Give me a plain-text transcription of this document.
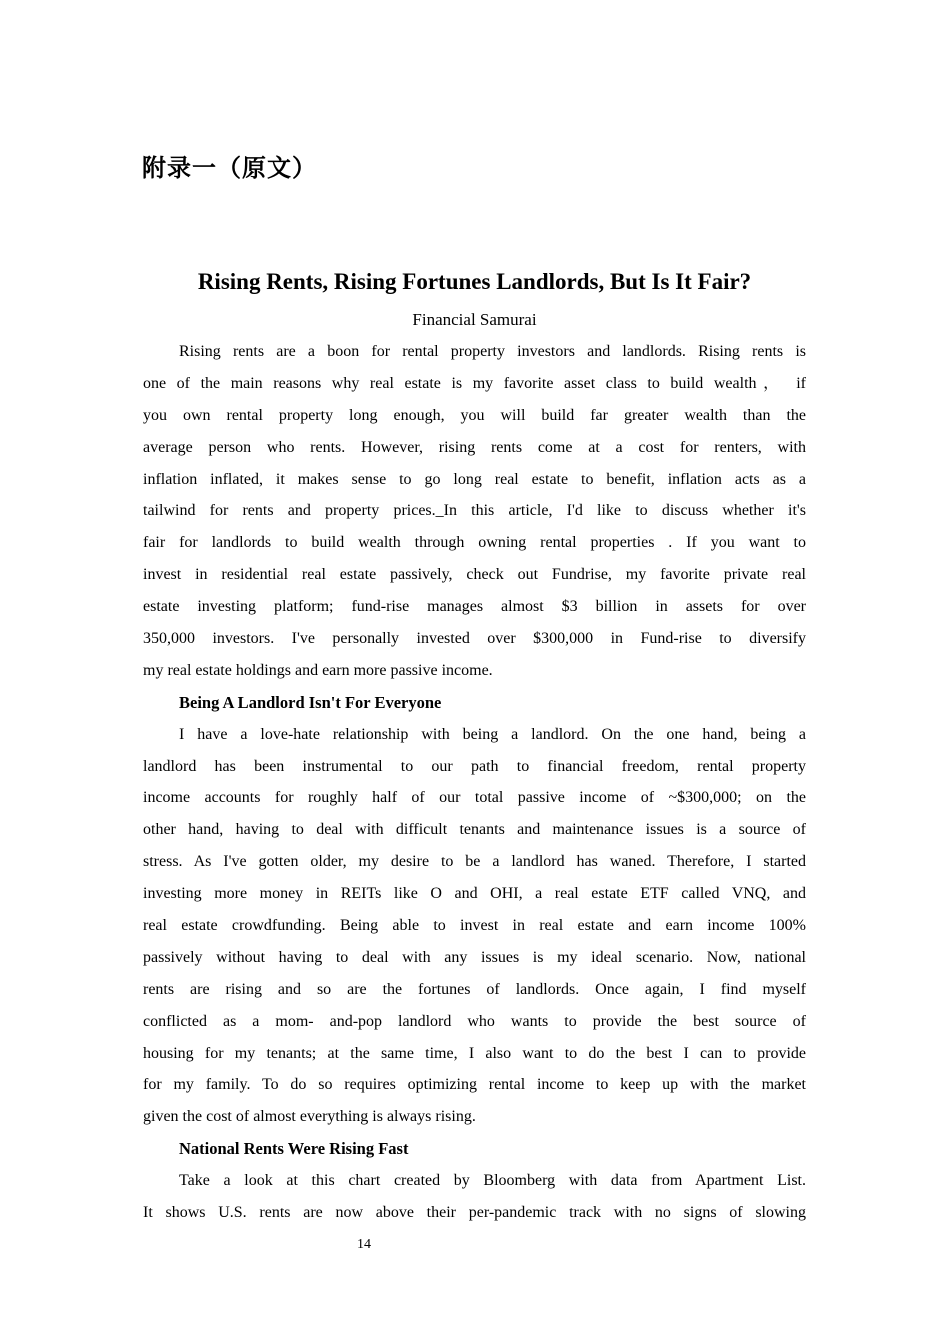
附录一（原文）
Rising Rents, Rising Fortunes Landlords, But Is It Fair?
Financial Samurai
Rising rents are a boon for rental property investors and landlords. Rising rents is
one of the main reasons why real estate is my favorite asset class to build wealth， if
you own rental property long enough, you will build far greater wealth than the
average person who rents. However, rising rents come at a cost for renters, with
inflation inflated, it makes sense to go long real estate to benefit, inflation acts as a
tailwind for rents and property prices._In this article, I'd like to discuss whether it's
fair for landlords to build wealth through owning rental properties . If you want to
invest in residential real estate passively, check out Fundrise, my favorite private real
estate investing platform; fund-rise manages almost $3 billion in assets for over
350,000 investors. I've personally invested over $300,000 in Fund-rise to diversify
my real estate holdings and earn more passive income.
Being A Landlord Isn't For Everyone
I have a love-hate relationship with being a landlord. On the one hand, being a
landlord has been instrumental to our path to financial freedom, rental property
income accounts for roughly half of our total passive income of ~$300,000; on the
other hand, having to deal with difficult tenants and maintenance issues is a source of
stress. As I've gotten older, my desire to be a landlord has waned. Therefore, I started
investing more money in REITs like O and OHI, a real estate ETF called VNQ, and
real estate crowdfunding. Being able to invest in real estate and earn income 100%
passively without having to deal with any issues is my ideal scenario. Now, national
rents are rising and so are the fortunes of landlords. Once again, I find myself
conflicted as a mom- and-pop landlord who wants to provide the best source of
housing for my tenants; at the same time, I also want to do the best I can to provide
for my family. To do so requires optimizing rental income to keep up with the market
given the cost of almost everything is always rising.
National Rents Were Rising Fast
Take a look at this chart created by Bloomberg with data from Apartment List.
It shows U.S. rents are now above their per-pandemic track with no signs of slowing
14
